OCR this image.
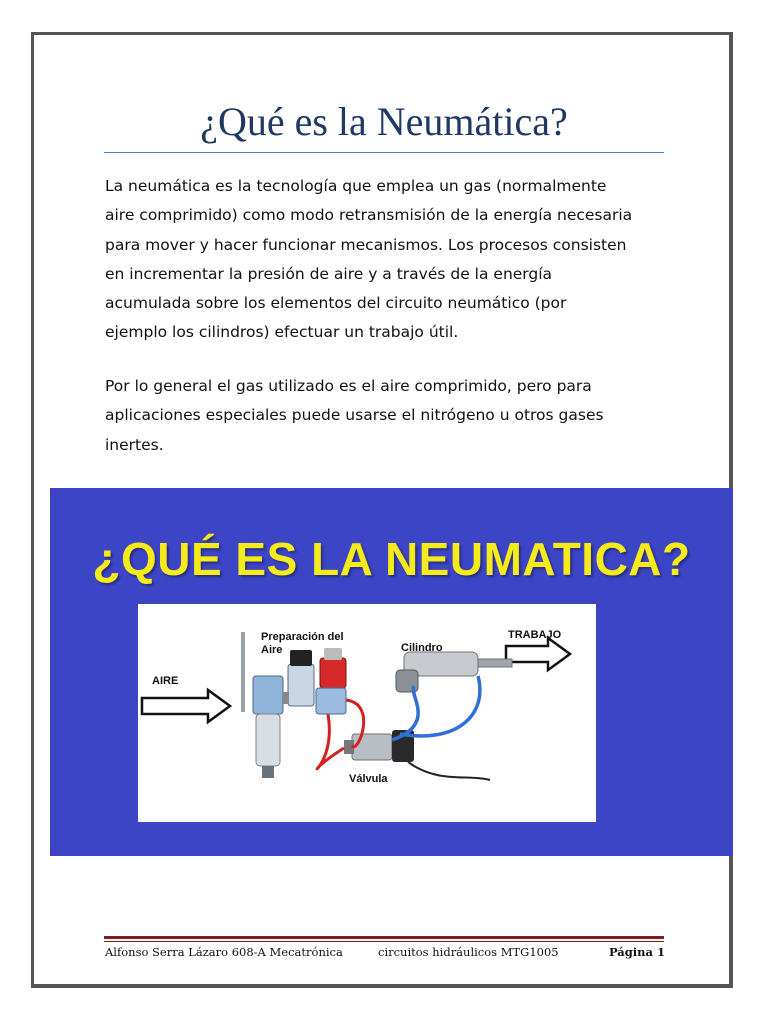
¿Qué es la Neumática?
La neumática es la tecnología que emplea un gas (normalmente
aire comprimido) como modo retransmisión de la energía necesaria
para mover y hacer funcionar mecanismos. Los procesos consisten
en incrementar la presión de aire y a través de la energía
acumulada sobre los elementos del circuito neumático (por
ejemplo los cilindros) efectuar un trabajo útil.
Por lo general el gas utilizado es el aire comprimido, pero para
aplicaciones especiales puede usarse el nitrógeno u otros gases
inertes.
¿QUÉ ES LA NEUMATICA?
AIRE
Preparación del
Aire	Cilindro
TRABAJO
Válvula
Alfonso Serra Lázaro 608-A Mecatrónica	circuitos hidráulicos MTG1005	Página 1
